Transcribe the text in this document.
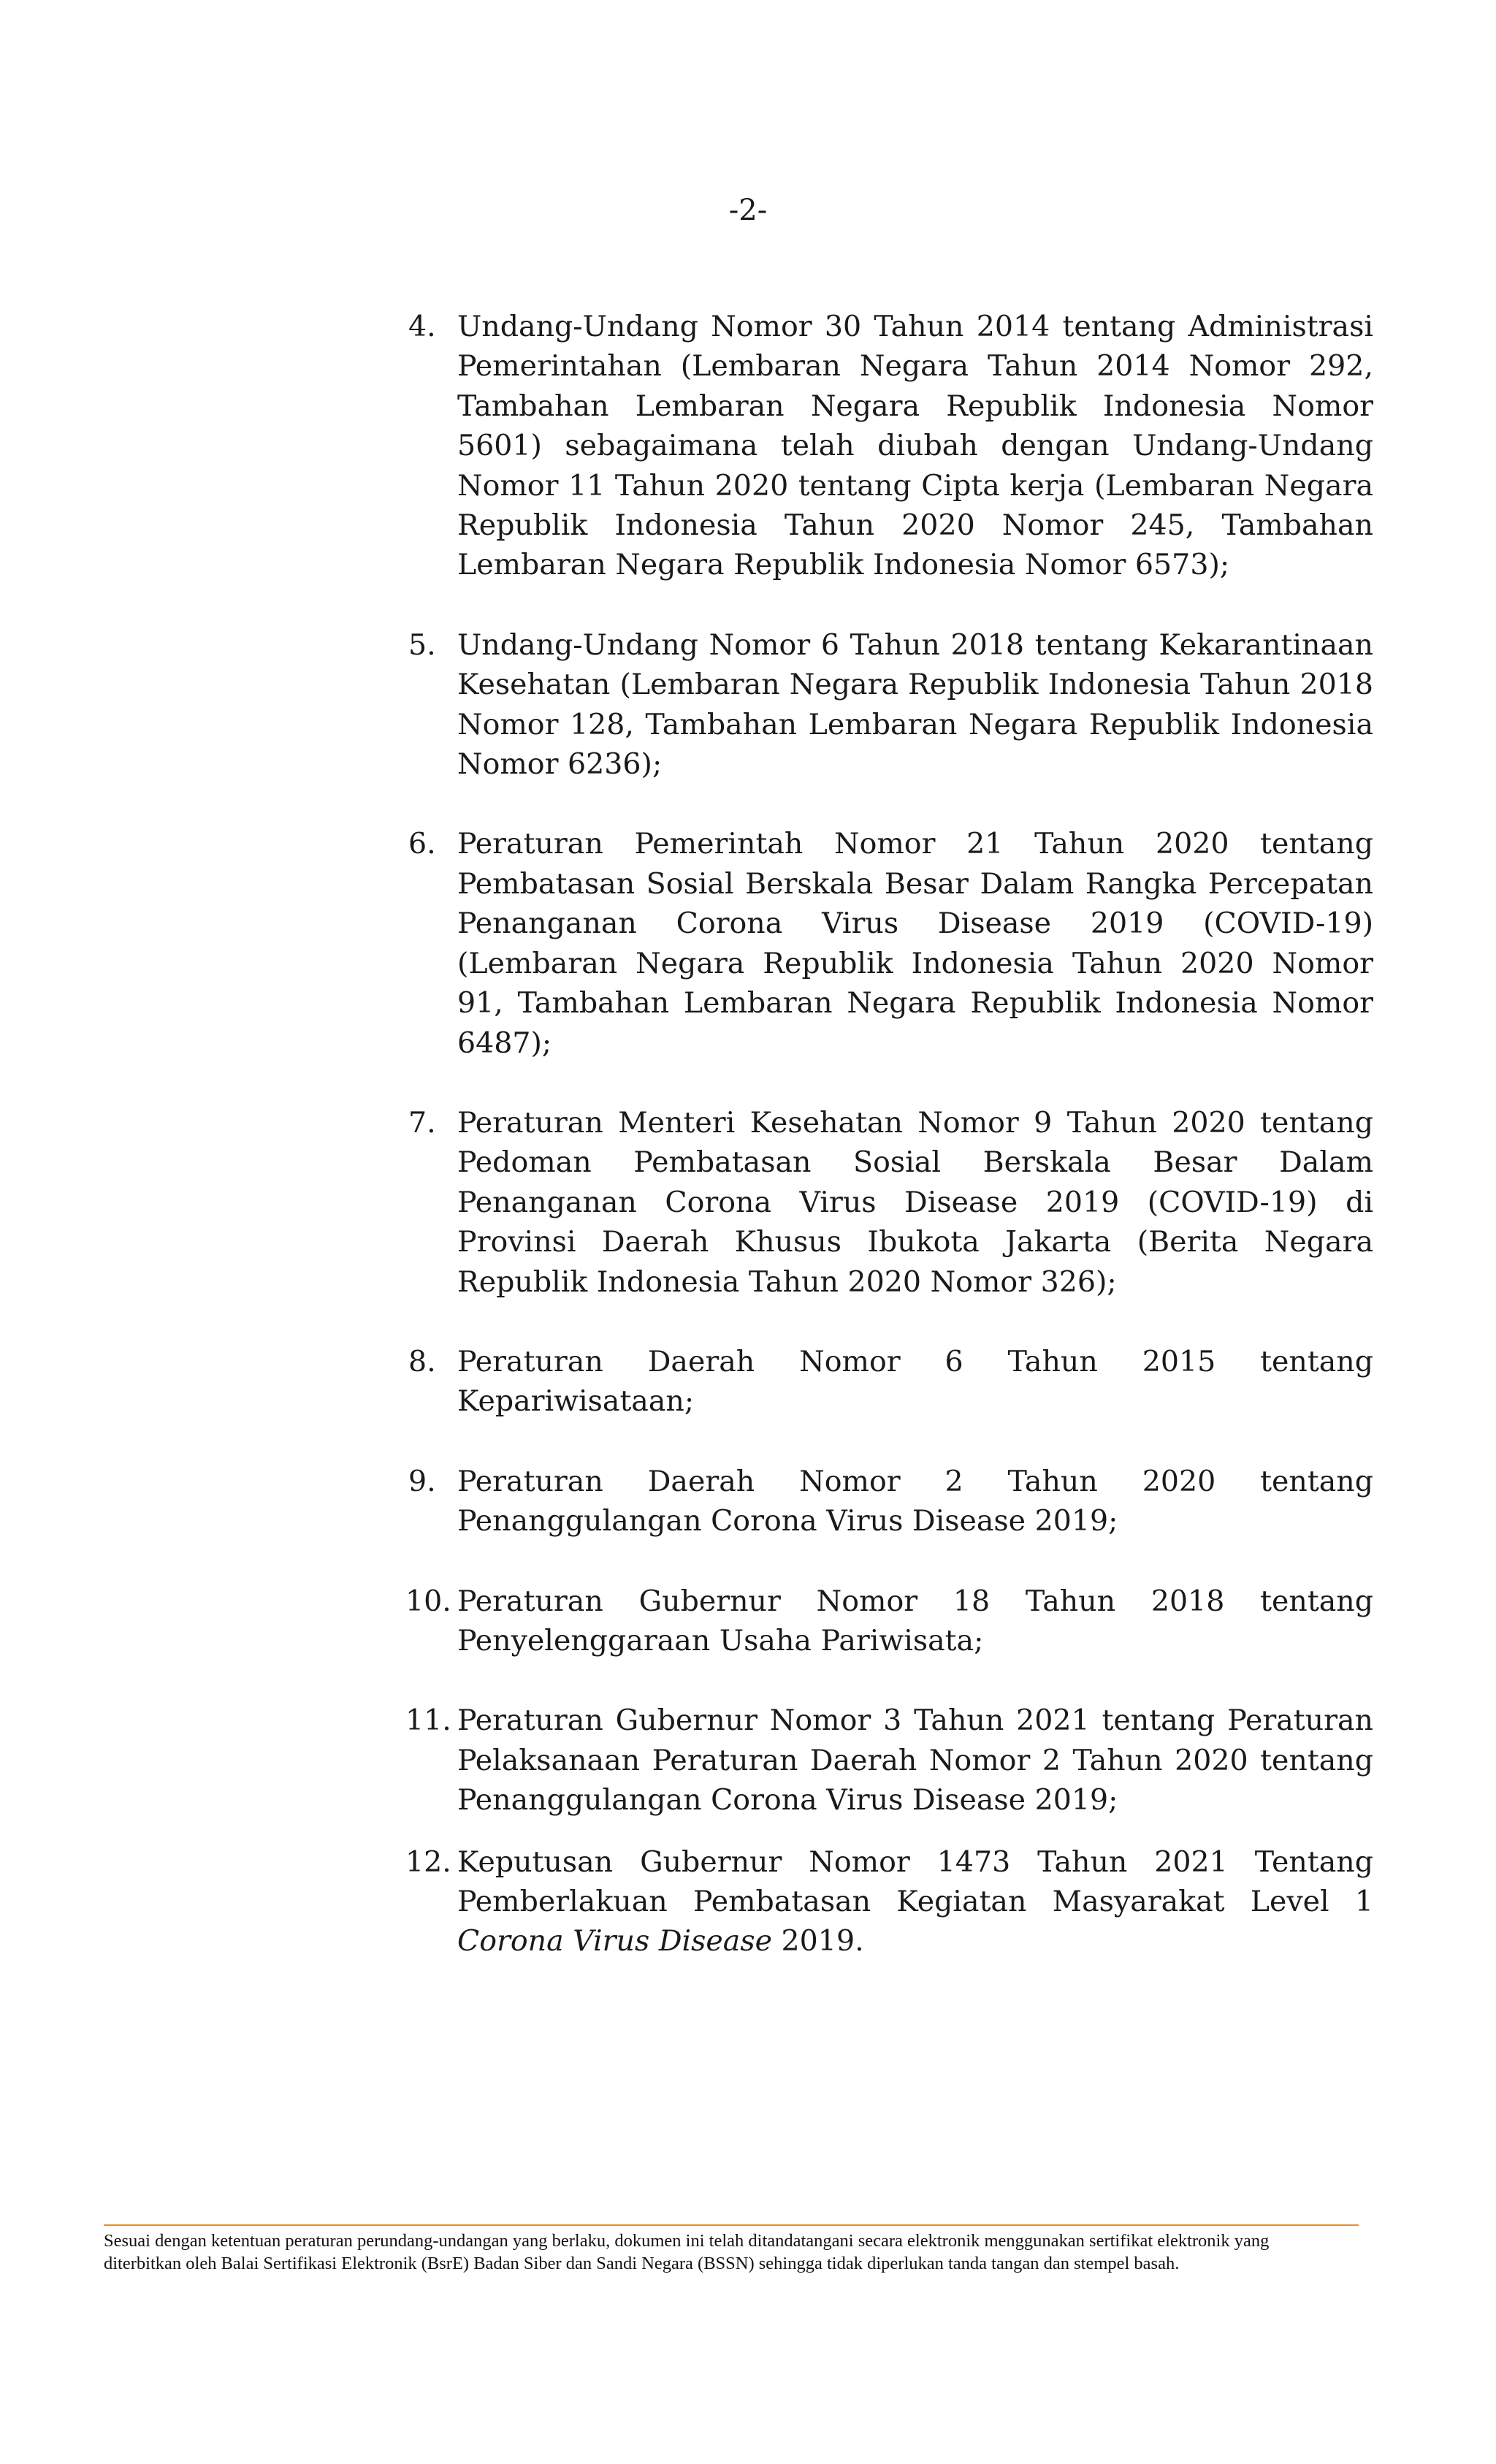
-2-
4. Undang-Undang Nomor 30 Tahun 2014 tentang Administrasi Pemerintahan (Lembaran Negara Tahun 2014 Nomor 292, Tambahan Lembaran Negara Republik Indonesia Nomor 5601) sebagaimana telah diubah dengan Undang-Undang Nomor 11 Tahun 2020 tentang Cipta kerja (Lembaran Negara Republik Indonesia Tahun 2020 Nomor 245, Tambahan Lembaran Negara Republik Indonesia Nomor 6573);
5. Undang-Undang Nomor 6 Tahun 2018 tentang Kekarantinaan Kesehatan (Lembaran Negara Republik Indonesia Tahun 2018 Nomor 128, Tambahan Lembaran Negara Republik Indonesia Nomor 6236);
6. Peraturan Pemerintah Nomor 21 Tahun 2020 tentang Pembatasan Sosial Berskala Besar Dalam Rangka Percepatan Penanganan Corona Virus Disease 2019 (COVID-19) (Lembaran Negara Republik Indonesia Tahun 2020 Nomor 91, Tambahan Lembaran Negara Republik Indonesia Nomor 6487);
7. Peraturan Menteri Kesehatan Nomor 9 Tahun 2020 tentang Pedoman Pembatasan Sosial Berskala Besar Dalam Penanganan Corona Virus Disease 2019 (COVID-19) di Provinsi Daerah Khusus Ibukota Jakarta (Berita Negara Republik Indonesia Tahun 2020 Nomor 326);
8. Peraturan Daerah Nomor 6 Tahun 2015 tentang Kepariwisataan;
9. Peraturan Daerah Nomor 2 Tahun 2020 tentang Penanggulangan Corona Virus Disease 2019;
10. Peraturan Gubernur Nomor 18 Tahun 2018 tentang Penyelenggaraan Usaha Pariwisata;
11. Peraturan Gubernur Nomor 3 Tahun 2021 tentang Peraturan Pelaksanaan Peraturan Daerah Nomor 2 Tahun 2020 tentang Penanggulangan Corona Virus Disease 2019;
12. Keputusan Gubernur Nomor 1473 Tahun 2021 Tentang Pemberlakuan Pembatasan Kegiatan Masyarakat Level 1 Corona Virus Disease 2019.
Sesuai dengan ketentuan peraturan perundang-undangan yang berlaku, dokumen ini telah ditandatangani secara elektronik menggunakan sertifikat elektronik yang
diterbitkan oleh Balai Sertifikasi Elektronik (BsrE) Badan Siber dan Sandi Negara (BSSN) sehingga tidak diperlukan tanda tangan dan stempel basah.
